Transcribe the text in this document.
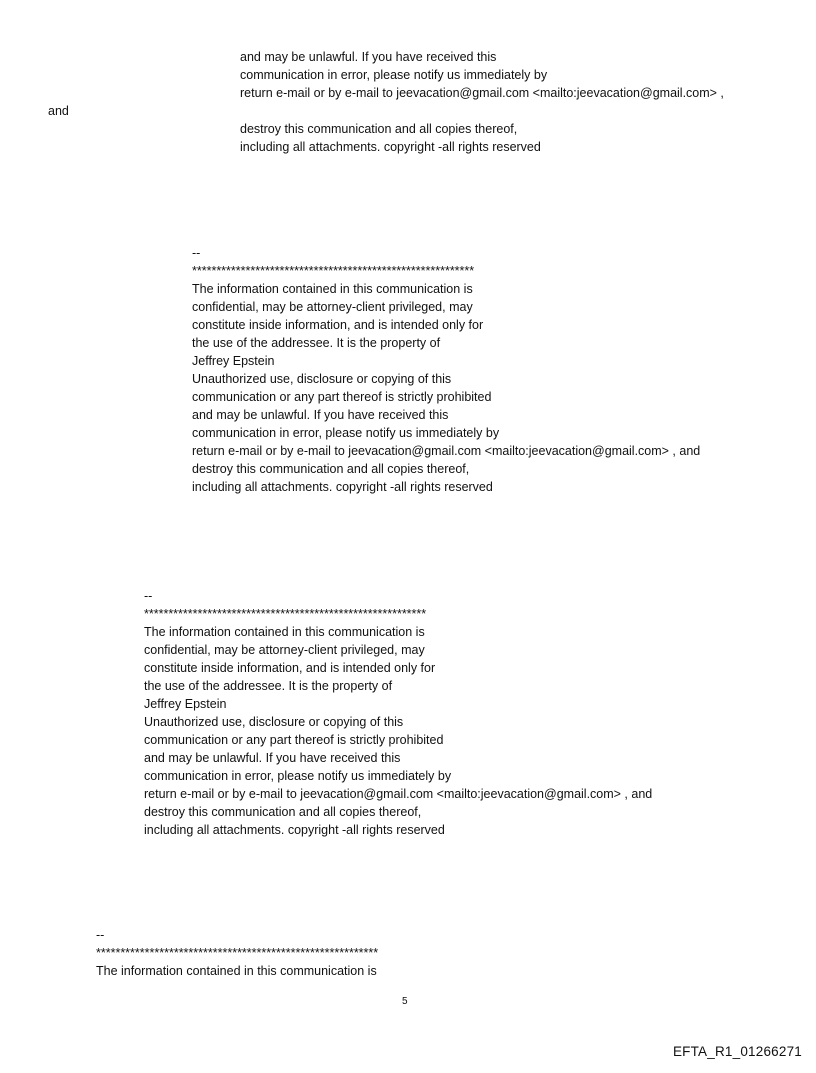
and may be unlawful. If you have received this

communication in error, please notify us immediately by

return e-mail or by e-mail to jeevacation@gmail.com <mailto:jeevacation@gmail.com> ,

and

destroy this communication and all copies thereof,

including all attachments. copyright -all rights reserved

--

**********************************************************

The information contained in this communication is

confidential, may be attorney-client privileged, may

constitute inside information, and is intended only for

the use of the addressee. It is the property of

Jeffrey Epstein

Unauthorized use, disclosure or copying of this

communication or any part thereof is strictly prohibited

and may be unlawful. If you have received this

communication in error, please notify us immediately by

return e-mail or by e-mail to jeevacation@gmail.com <mailto:jeevacation@gmail.com> , and

destroy this communication and all copies thereof,

including all attachments. copyright -all rights reserved

--

**********************************************************

The information contained in this communication is

confidential, may be attorney-client privileged, may

constitute inside information, and is intended only for

the use of the addressee. It is the property of

Jeffrey Epstein

Unauthorized use, disclosure or copying of this

communication or any part thereof is strictly prohibited

and may be unlawful. If you have received this

communication in error, please notify us immediately by

return e-mail or by e-mail to jeevacation@gmail.com <mailto:jeevacation@gmail.com> , and

destroy this communication and all copies thereof,

including all attachments. copyright -all rights reserved

--

**********************************************************

The information contained in this communication is

5
EFTA_R1_01266271
